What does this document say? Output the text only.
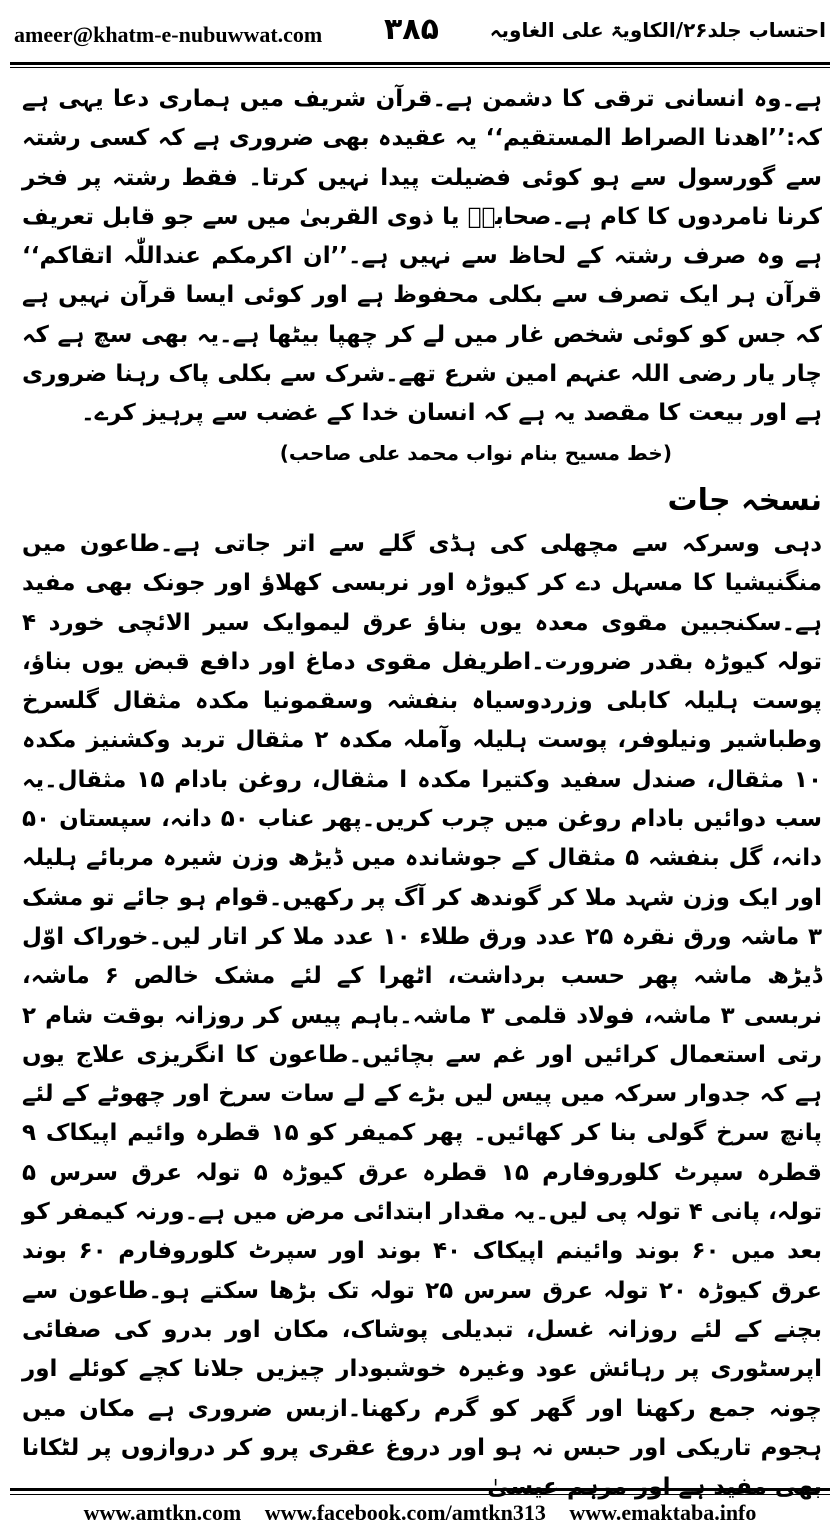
ameer@khatm-e-nubuwwat.com ۳۸۵	احتساب جلد۲۶/الکاویۃ علی الغاویہ

ہے۔وہ انسانی ترقی کا دشمن ہے۔قرآن شریف میں ہماری دعا یہی ہے کہ:’’اھدنا الصراط المستقیم‘‘ یہ عقیدہ بھی ضروری ہے کہ کسی رشتہ سے گورسول سے ہو کوئی فضیلت پیدا نہیں کرتا۔ فقط رشتہ پر فخر کرنا نامردوں کا کام ہے۔صحابہؓ یا ذوی القربیٰ میں سے جو قابل تعریف ہے وہ صرف رشتہ کے لحاظ سے نہیں ہے۔’’ان اکرمکم عنداللّٰہ اتقاکم‘‘ قرآن ہر ایک تصرف سے بکلی محفوظ ہے اور کوئی ایسا قرآن نہیں ہے کہ جس کو کوئی شخص غار میں لے کر چھپا بیٹھا ہے۔یہ بھی سچ ہے کہ چار یار رضی اللہ عنہم امین شرع تھے۔شرک سے بکلی پاک رہنا ضروری ہے اور بیعت کا مقصد یہ ہے کہ انسان خدا کے غضب سے پرہیز کرے۔

(خط مسیح بنام نواب محمد علی صاحب)

نسخہ جات

دہی وسرکہ سے مچھلی کی ہڈی گلے سے اتر جاتی ہے۔طاعون میں منگنیشیا کا مسہل دے کر کیوڑہ اور نربسی کھلاؤ اور جونک بھی مفید ہے۔سکنجبین مقوی معدہ یوں بناؤ عرق لیموایک سیر الائچی خورد ۴ تولہ کیوڑہ بقدر ضرورت۔اطریفل مقوی دماغ اور دافع قبض یوں بناؤ، پوست ہلیلہ کابلی وزردوسیاہ بنفشہ وسقمونیا مکدہ مثقال گلسرخ وطباشیر ونیلوفر، پوست ہلیلہ وآملہ مکدہ ۲ مثقال تربد وکشنیز مکدہ ۱۰ مثقال، صندل سفید وکتیرا مکدہ ا مثقال، روغن بادام ۱۵ مثقال۔یہ سب دوائیں بادام روغن میں چرب کریں۔پھر عناب ۵۰ دانہ، سپستان ۵۰ دانہ، گل بنفشہ ۵ مثقال کے جوشاندہ میں ڈیڑھ وزن شیرہ مربائے ہلیلہ اور ایک وزن شہد ملا کر گوندھ کر آگ پر رکھیں۔قوام ہو جائے تو مشک ۳ ماشہ ورق نقرہ ۲۵ عدد ورق طلاء ۱۰ عدد ملا کر اتار لیں۔خوراک اوّل ڈیڑھ ماشہ پھر حسب برداشت، اٹھرا کے لئے مشک خالص ۶ ماشہ، نربسی ۳ ماشہ، فولاد قلمی ۳ ماشہ۔باہم پیس کر روزانہ بوقت شام ۲ رتی استعمال کرائیں اور غم سے بچائیں۔طاعون کا انگریزی علاج یوں ہے کہ جدوار سرکہ میں پیس لیں بڑے کے لے سات سرخ اور چھوٹے کے لئے پانچ سرخ گولی بنا کر کھائیں۔ پھر کمیفر کو ۱۵ قطرہ وائیم اپیکاک ۹ قطرہ سپرٹ کلوروفارم ۱۵ قطرہ عرق کیوڑہ ۵ تولہ عرق سرس ۵ تولہ، پانی ۴ تولہ پی لیں۔یہ مقدار ابتدائی مرض میں ہے۔ورنہ کیمفر کو بعد میں ۶۰ بوند وائینم اپیکاک ۴۰ بوند اور سپرٹ کلوروفارم ۶۰ بوند عرق کیوڑہ ۲۰ تولہ عرق سرس ۲۵ تولہ تک بڑھا سکتے ہو۔طاعون سے بچنے کے لئے روزانہ غسل، تبدیلی پوشاک، مکان اور بدرو کی صفائی اپرسٹوری پر رہائش عود وغیرہ خوشبودار چیزیں جلانا کچے کوئلے اور چونہ جمع رکھنا اور گھر کو گرم رکھنا۔ازبس ضروری ہے مکان میں ہجوم تاریکی اور حبس نہ ہو اور دروغ عقری پرو کر دروازوں پر لٹکانا

www.amtkn.com www.facebook.com/amtkn313 www.emaktaba.info
